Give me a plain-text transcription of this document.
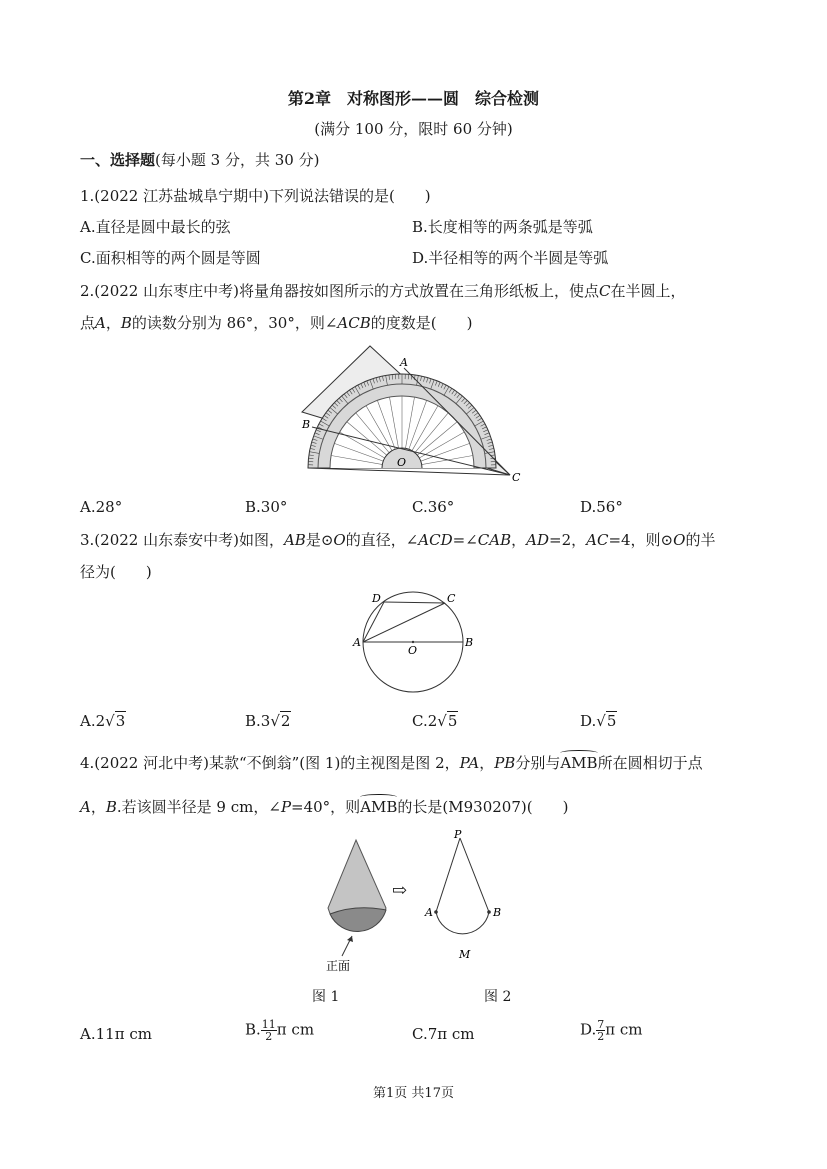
第2章　对称图形——圆　综合检测
(满分 100 分，限时 60 分钟)
一、选择题(每小题 3 分，共 30 分)
1.(2022 江苏盐城阜宁期中)下列说法错误的是(　　)
A.直径是圆中最长的弦	B.长度相等的两条弧是等弧
C.面积相等的两个圆是等圆	D.半径相等的两个半圆是等弧
2.(2022 山东枣庄中考)将量角器按如图所示的方式放置在三角形纸板上，使点C在半圆上，
点A，B的读数分别为 86°，30°，则∠ACB的度数是(　　)
A
B
O
C
A.28°	B.30°	C.36°	D.56°
3.(2022 山东泰安中考)如图，AB是⊙O的直径，∠ACD=∠CAB，AD=2，AC=4，则⊙O的半
径为(　　)
D	C
A	B
O
A.2√3	B.3√2	C.2√5	D.√5
4.(2022 河北中考)某款“不倒翁”(图 1)的主视图是图 2，PA，PB分别与AMB所在圆相切于点
A，B.若该圆半径是 9 cm，∠P=40°，则AMB的长是(M930207)(　　)
正面
⇨
P
A	B
M
图 1	图 2
A.11π cm	B. $\frac{11}{2}$ π cm	C.7π cm	D. $\frac{7}{2}$ π cm
第1页 共17页
